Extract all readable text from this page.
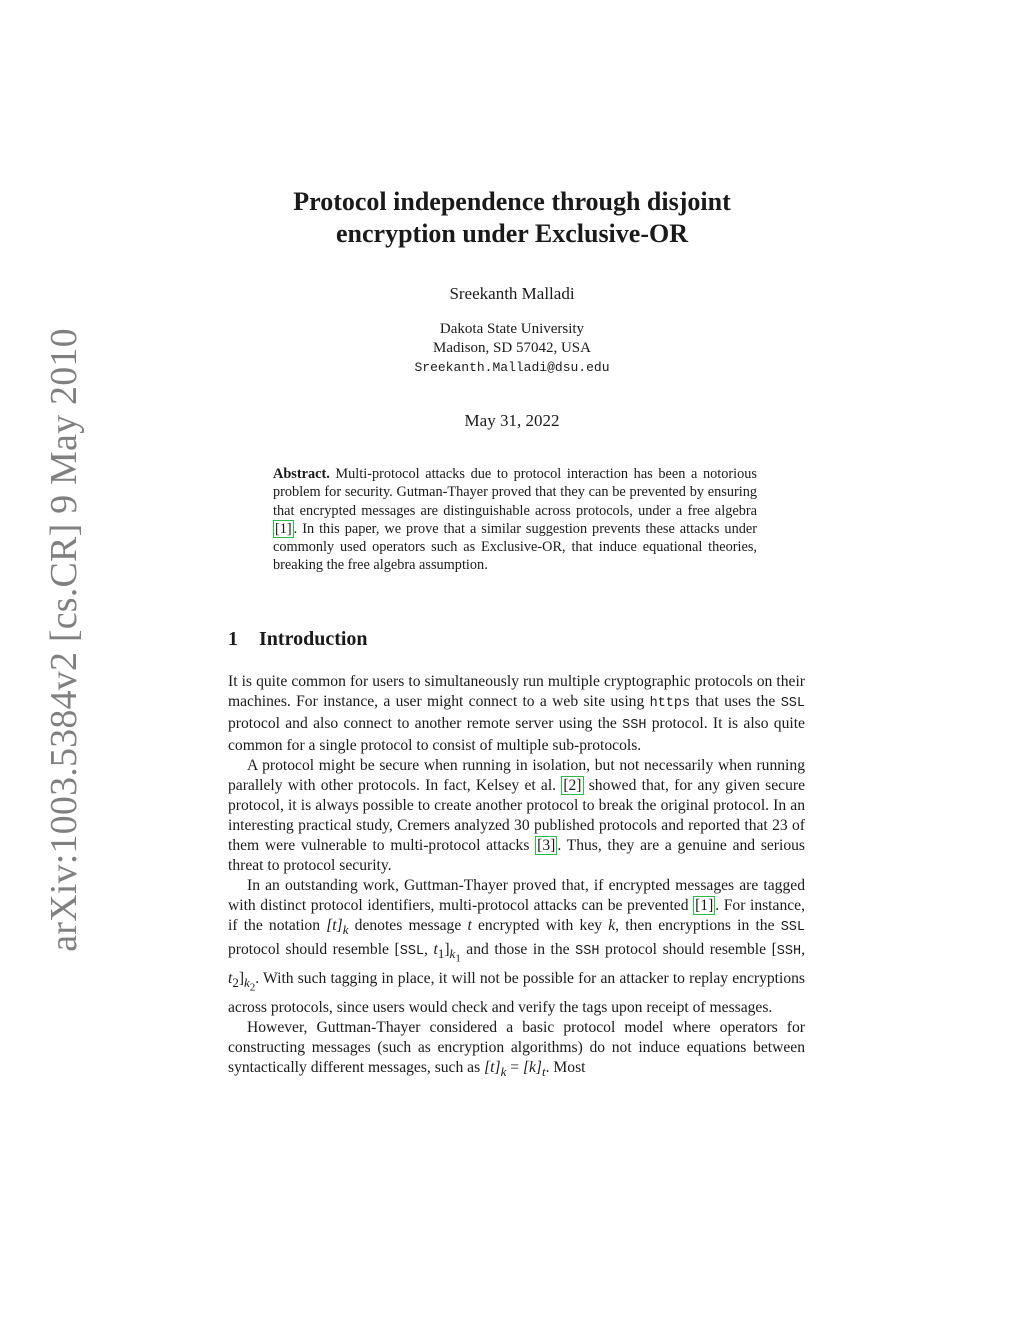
arXiv:1003.5384v2 [cs.CR] 9 May 2010
Protocol independence through disjoint
encryption under Exclusive-OR
Sreekanth Malladi
Dakota State University
Madison, SD 57042, USA
Sreekanth.Malladi@dsu.edu
May 31, 2022
Abstract. Multi-protocol attacks due to protocol interaction has been a notorious problem for security. Gutman-Thayer proved that they can be prevented by ensuring that encrypted messages are distinguishable across protocols, under a free algebra [1] . In this paper, we prove that a similar suggestion prevents these attacks under commonly used operators such as Exclusive-OR, that induce equational theories, breaking the free algebra assumption.
1 Introduction

It is quite common for users to simultaneously run multiple cryptographic protocols on their machines. For instance, a user might connect to a web site using https that uses the SSL protocol and also connect to another remote server using the SSH protocol. It is also quite common for a single protocol to consist of multiple sub-protocols.

A protocol might be secure when running in isolation, but not necessarily when running parallely with other protocols. In fact, Kelsey et al. [2] showed that, for any given secure protocol, it is always possible to create another protocol to break the original protocol. In an interesting practical study, Cremers analyzed 30 published protocols and reported that 23 of them were vulnerable to multi-protocol attacks [3] . Thus, they are a genuine and serious threat to protocol security.

In an outstanding work, Guttman-Thayer proved that, if encrypted messages are tagged with distinct protocol identifiers, multi-protocol attacks can be prevented [1] . For instance, if the notation $[t]_k$ denotes message t encrypted with key k, then encryptions in the SSL protocol should resemble [SSL, $t_1]_{k_1}$ and those in the SSH protocol should resemble [SSH, $t_2]_{k_2}$. With such tagging in place, it will not be possible for an attacker to replay encryptions across protocols, since users would check and verify the tags upon receipt of messages.

However, Guttman-Thayer considered a basic protocol model where operators for constructing messages (such as encryption algorithms) do not induce equations between syntactically different messages, such as $[t]_k = [k]_t$. Most
